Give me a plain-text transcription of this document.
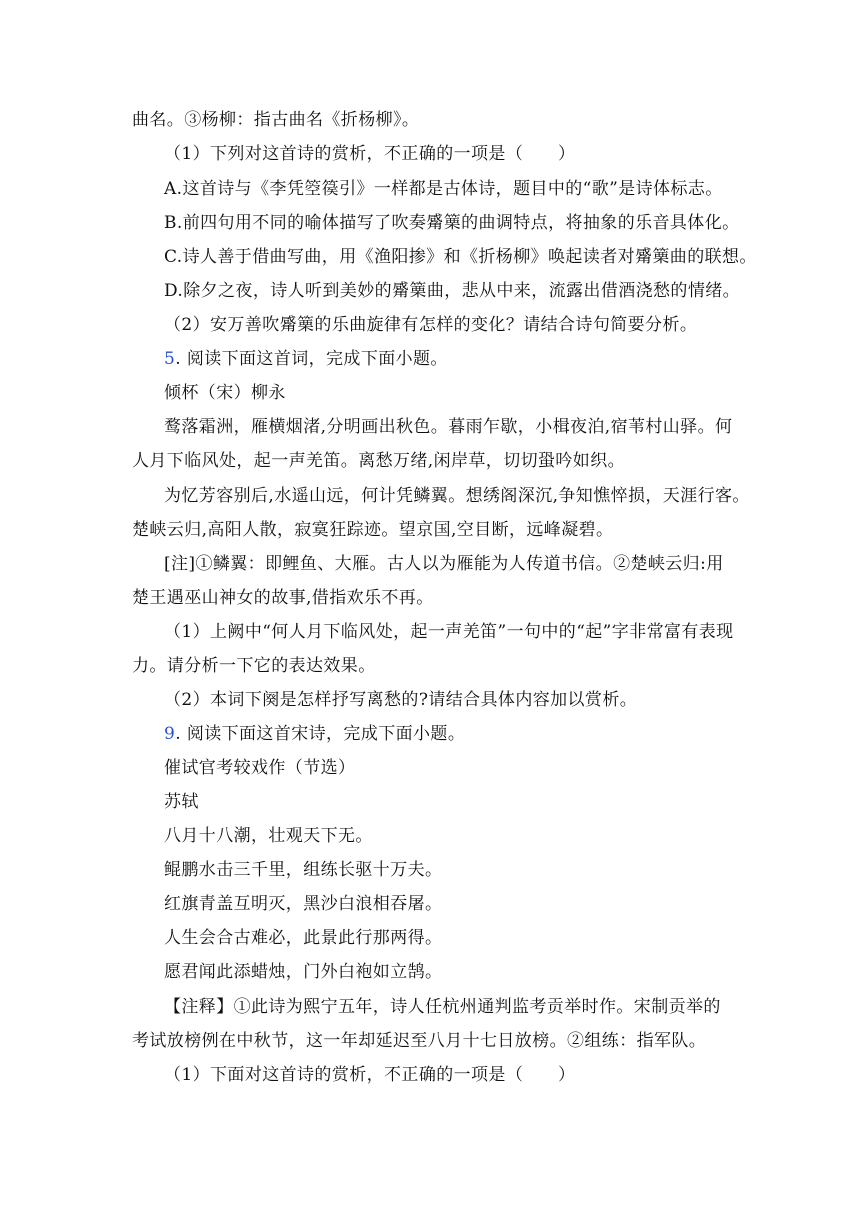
曲名。③杨柳：指古曲名《折杨柳》。
（1）下列对这首诗的赏析，不正确的一项是（　　）
A.这首诗与《李凭箜篌引》一样都是古体诗，题目中的“歌”是诗体标志。
B.前四句用不同的喻体描写了吹奏觱篥的曲调特点，将抽象的乐音具体化。
C.诗人善于借曲写曲，用《渔阳掺》和《折杨柳》唤起读者对觱篥曲的联想。
D.除夕之夜，诗人听到美妙的觱篥曲，悲从中来，流露出借酒浇愁的情绪。
（2）安万善吹觱篥的乐曲旋律有怎样的变化？请结合诗句简要分析。
5. 阅读下面这首词，完成下面小题。
倾杯（宋）柳永
鹜落霜洲，雁横烟渚,分明画出秋色。暮雨乍歇，小楫夜泊,宿苇村山驿。何
人月下临风处，起一声羌笛。离愁万绪,闲岸草，切切蛩吟如织。
为忆芳容别后,水遥山远，何计凭鳞翼。想绣阁深沉,争知憔悴损，天涯行客。
楚峡云归,高阳人散，寂寞狂踪迹。望京国,空目断，远峰凝碧。
[注]①鳞翼：即鲤鱼、大雁。古人以为雁能为人传道书信。②楚峡云归:用
楚王遇巫山神女的故事,借指欢乐不再。
（1）上阙中“何人月下临风处，起一声羌笛”一句中的“起”字非常富有表现
力。请分析一下它的表达效果。
（2）本词下阕是怎样抒写离愁的?请结合具体内容加以赏析。
9. 阅读下面这首宋诗，完成下面小题。
催试官考较戏作（节选）
苏轼
八月十八潮，壮观天下无。
鲲鹏水击三千里，组练长驱十万夫。
红旗青盖互明灭，黑沙白浪相吞屠。
人生会合古难必，此景此行那两得。
愿君闻此添蜡烛，门外白袍如立鹄。
【注释】①此诗为熙宁五年，诗人任杭州通判监考贡举时作。宋制贡举的
考试放榜例在中秋节，这一年却延迟至八月十七日放榜。②组练：指军队。
（1）下面对这首诗的赏析，不正确的一项是（　　）
